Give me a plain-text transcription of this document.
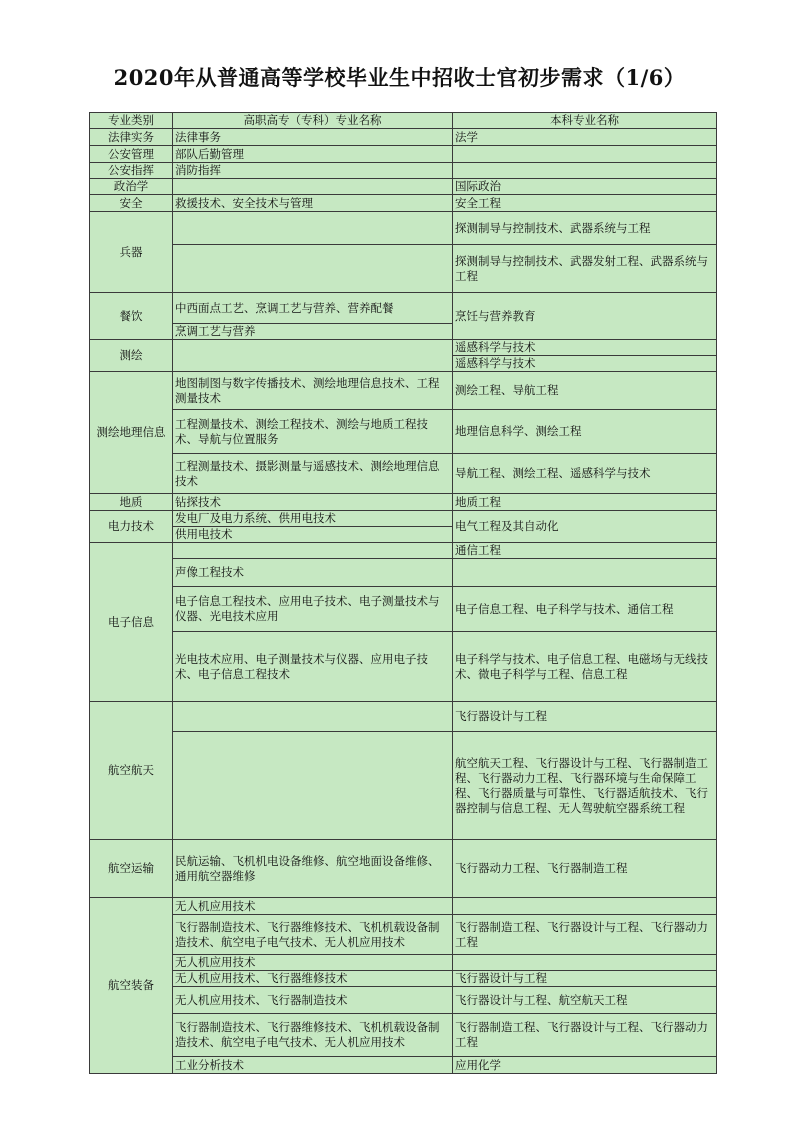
2020年从普通高等学校毕业生中招收士官初步需求（1/6）
专业类别	高职高专（专科）专业名称	本科专业名称
法律实务	法律事务	法学
公安管理	部队后勤管理	
公安指挥	消防指挥	
政治学		国际政治
安全	救援技术、安全技术与管理	安全工程
兵器		探测制导与控制技术、武器系统与工程
		探测制导与控制技术、武器发射工程、武器系统与工程
餐饮	中西面点工艺、烹调工艺与营养、营养配餐	烹饪与营养教育
	烹调工艺与营养	
测绘		遥感科学与技术
		遥感科学与技术
测绘地理信息	地图制图与数字传播技术、测绘地理信息技术、工程测量技术	测绘工程、导航工程
	工程测量技术、测绘工程技术、测绘与地质工程技术、导航与位置服务	地理信息科学、测绘工程
	工程测量技术、摄影测量与遥感技术、测绘地理信息技术	导航工程、测绘工程、遥感科学与技术
地质	钻探技术	地质工程
电力技术	发电厂及电力系统、供用电技术	电气工程及其自动化
	供用电技术	
电子信息		通信工程
	声像工程技术	
	电子信息工程技术、应用电子技术、电子测量技术与仪器、光电技术应用	电子信息工程、电子科学与技术、通信工程
	光电技术应用、电子测量技术与仪器、应用电子技术、电子信息工程技术	电子科学与技术、电子信息工程、电磁场与无线技术、微电子科学与工程、信息工程
航空航天		飞行器设计与工程
		航空航天工程、飞行器设计与工程、飞行器制造工程、飞行器动力工程、飞行器环境与生命保障工程、飞行器质量与可靠性、飞行器适航技术、飞行器控制与信息工程、无人驾驶航空器系统工程
航空运输	民航运输、飞机机电设备维修、航空地面设备维修、通用航空器维修	飞行器动力工程、飞行器制造工程
航空装备	无人机应用技术	
	飞行器制造技术、飞行器维修技术、飞机机载设备制造技术、航空电子电气技术、无人机应用技术	飞行器制造工程、飞行器设计与工程、飞行器动力工程
	无人机应用技术	
	无人机应用技术、飞行器维修技术	飞行器设计与工程
	无人机应用技术、飞行器制造技术	飞行器设计与工程、航空航天工程
	飞行器制造技术、飞行器维修技术、飞机机载设备制造技术、航空电子电气技术、无人机应用技术	飞行器制造工程、飞行器设计与工程、飞行器动力工程
	工业分析技术	应用化学
